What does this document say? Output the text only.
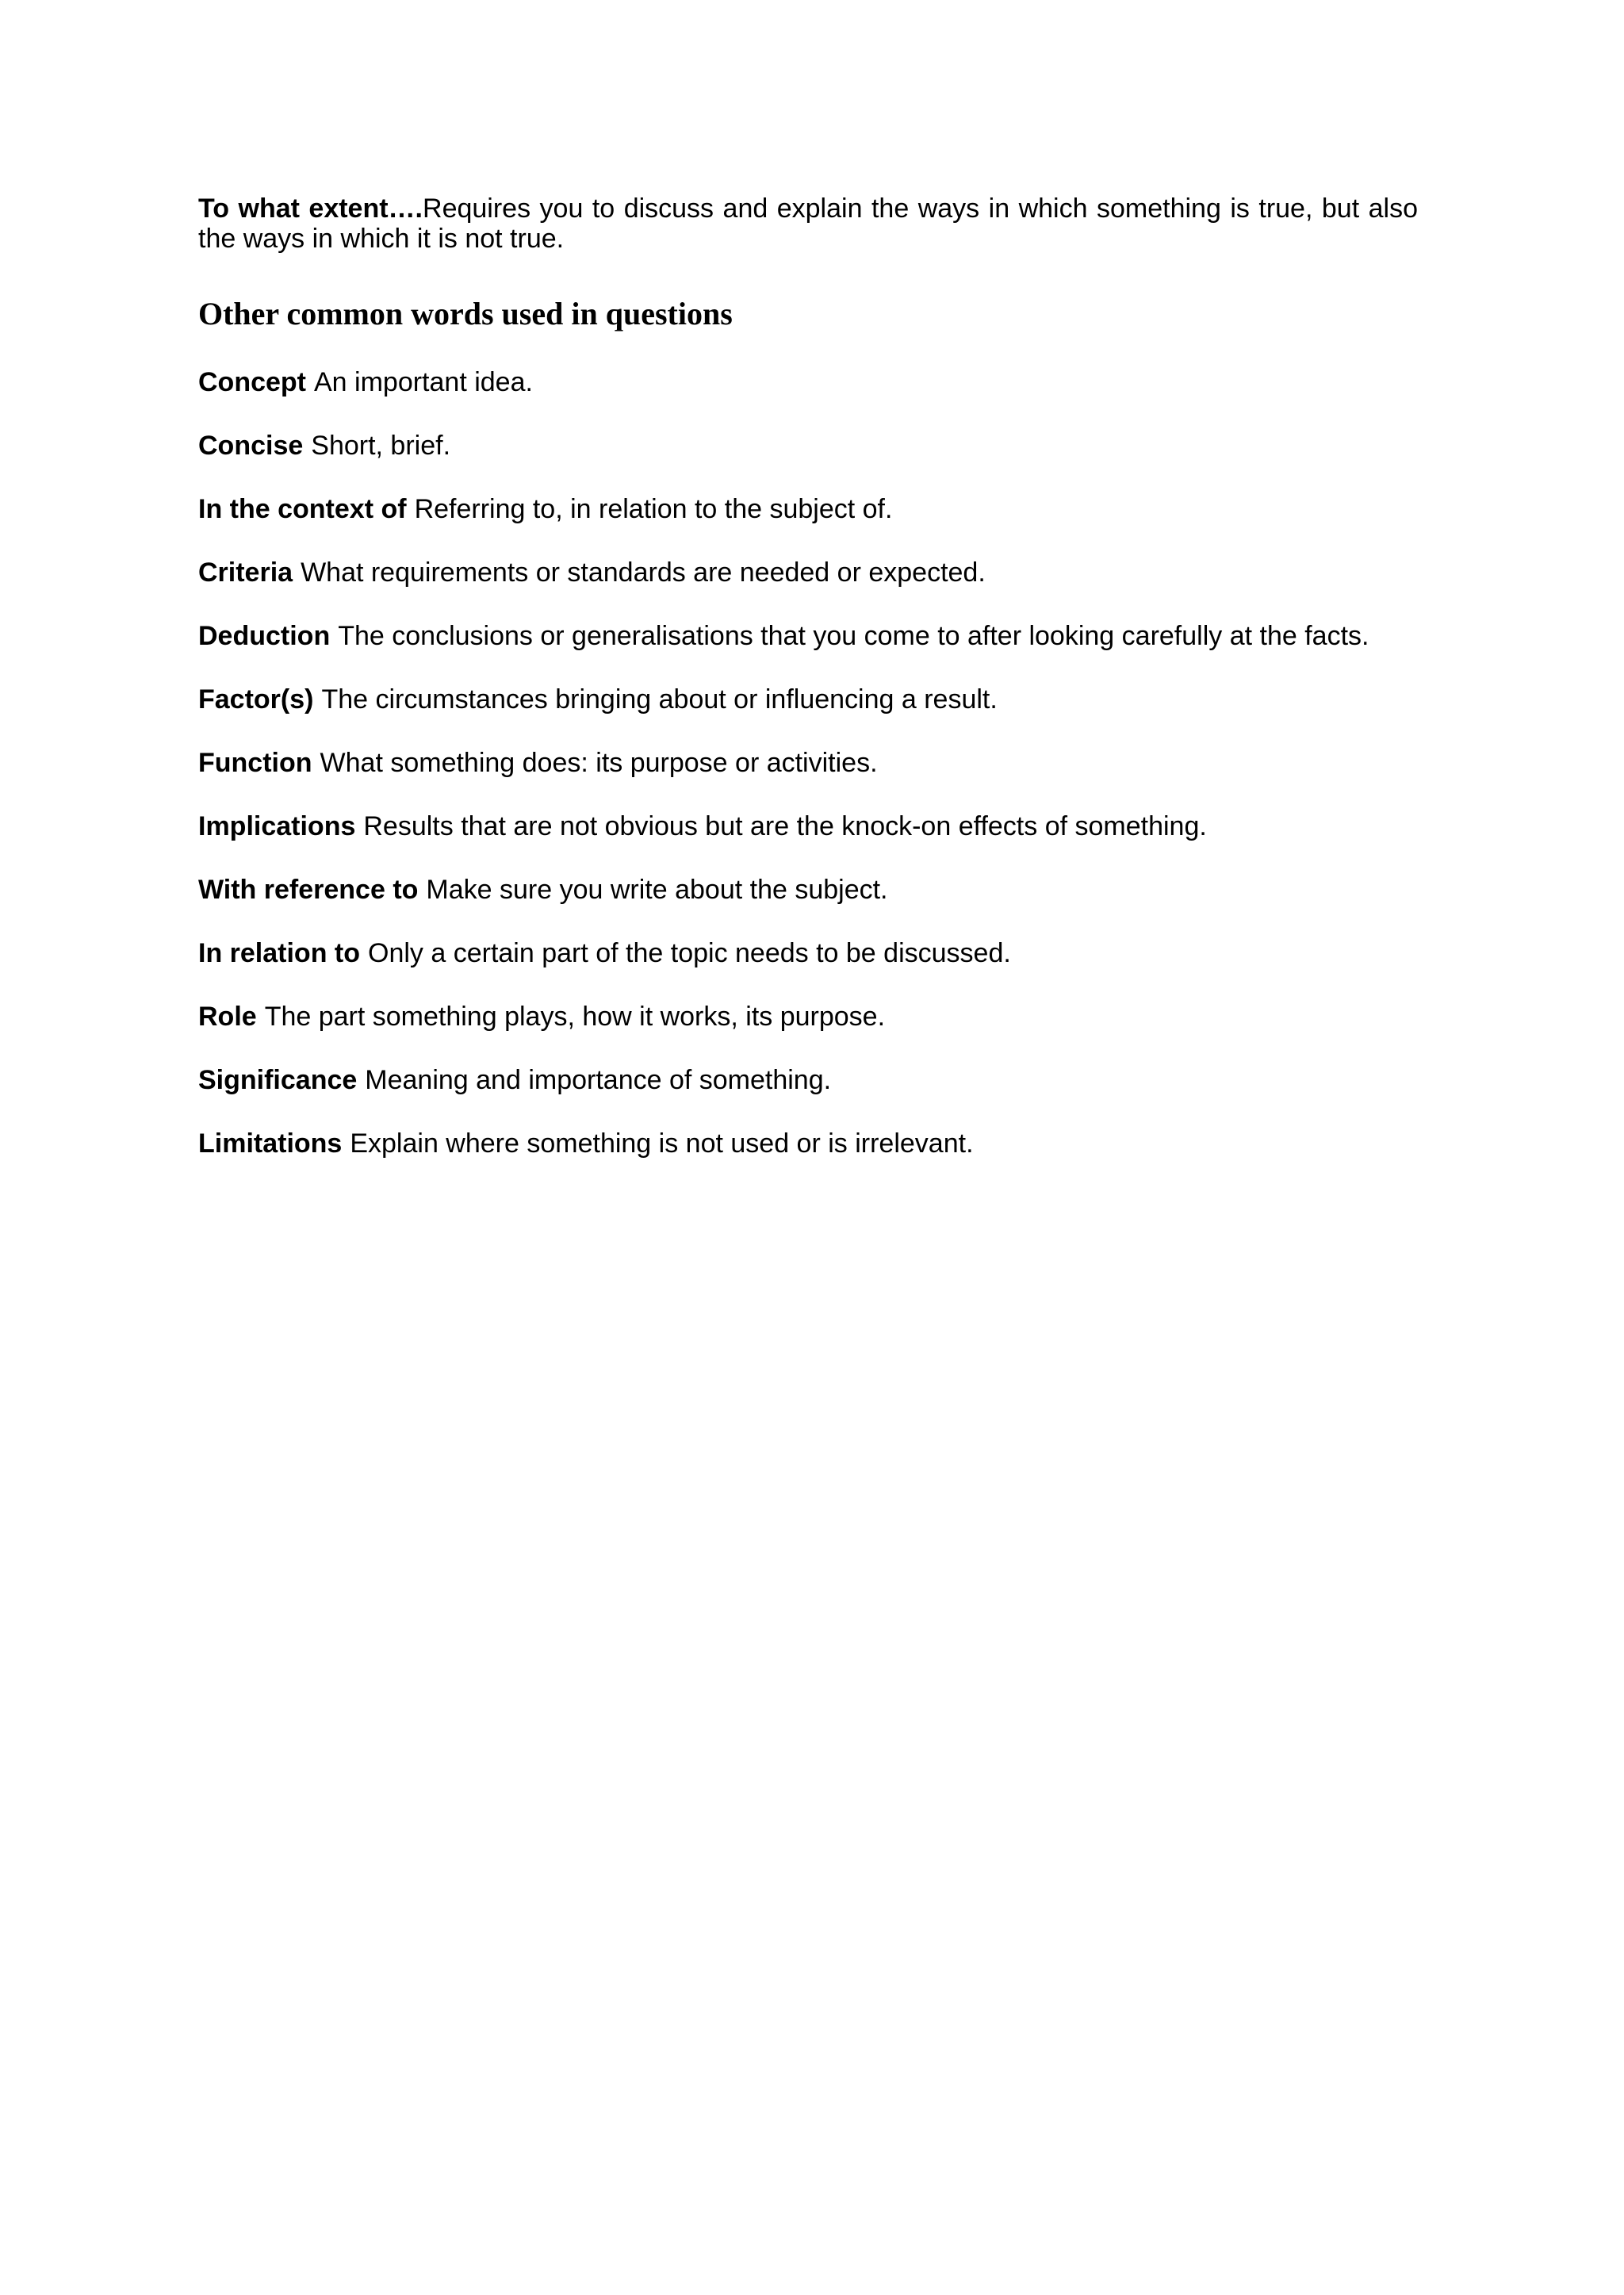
To what extent….Requires you to discuss and explain the ways in which something is true, but also the ways in which it is not true.

Other common words used in questions
Concept An important idea.
Concise Short, brief.
In the context of Referring to, in relation to the subject of.
Criteria What requirements or standards are needed or expected.
Deduction The conclusions or generalisations that you come to after looking carefully at the facts.
Factor(s) The circumstances bringing about or influencing a result.
Function What something does: its purpose or activities.
Implications Results that are not obvious but are the knock-on effects of something.
With reference to Make sure you write about the subject.
In relation to Only a certain part of the topic needs to be discussed.
Role The part something plays, how it works, its purpose.
Significance Meaning and importance of something.
Limitations Explain where something is not used or is irrelevant.
